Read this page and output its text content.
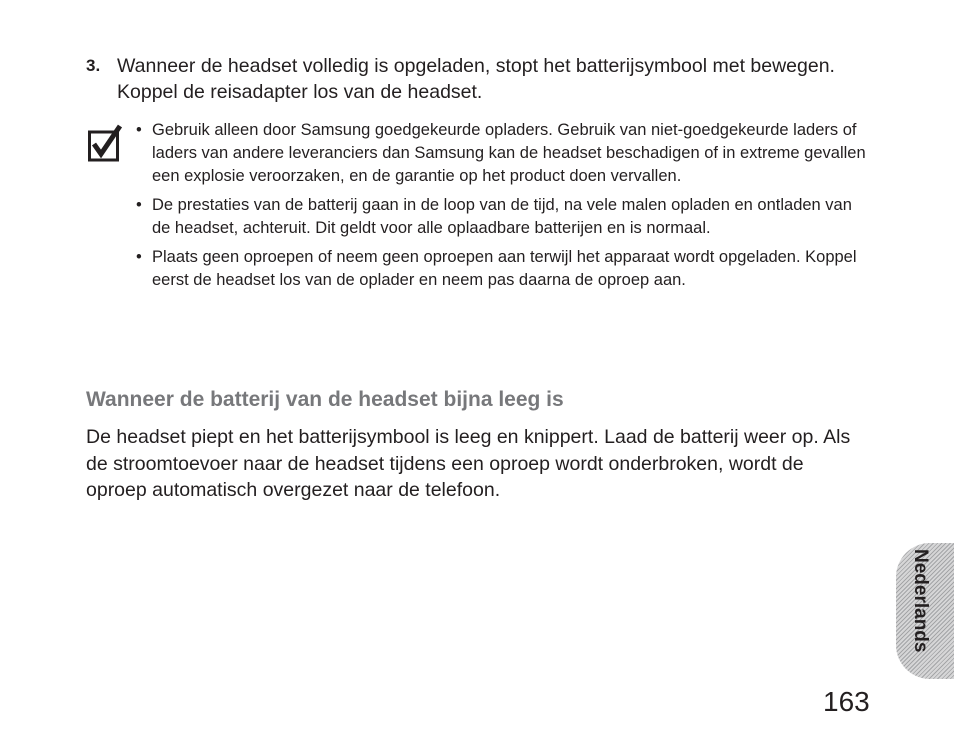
3. Wanneer de headset volledig is opgeladen, stopt het batterijsymbool met bewegen. Koppel de reisadapter los van de headset.
• Gebruik alleen door Samsung goedgekeurde opladers. Gebruik van niet-goedgekeurde laders of laders van andere leveranciers dan Samsung kan de headset beschadigen of in extreme gevallen een explosie veroorzaken, en de garantie op het product doen vervallen.
• De prestaties van de batterij gaan in de loop van de tijd, na vele malen opladen en ontladen van de headset, achteruit. Dit geldt voor alle oplaadbare batterijen en is normaal.
• Plaats geen oproepen of neem geen oproepen aan terwijl het apparaat wordt opgeladen. Koppel eerst de headset los van de oplader en neem pas daarna de oproep aan.
Wanneer de batterij van de headset bijna leeg is
De headset piept en het batterijsymbool is leeg en knippert. Laad de batterij weer op. Als de stroomtoevoer naar de headset tijdens een oproep wordt onderbroken, wordt de oproep automatisch overgezet naar de telefoon.
Nederlands
163
